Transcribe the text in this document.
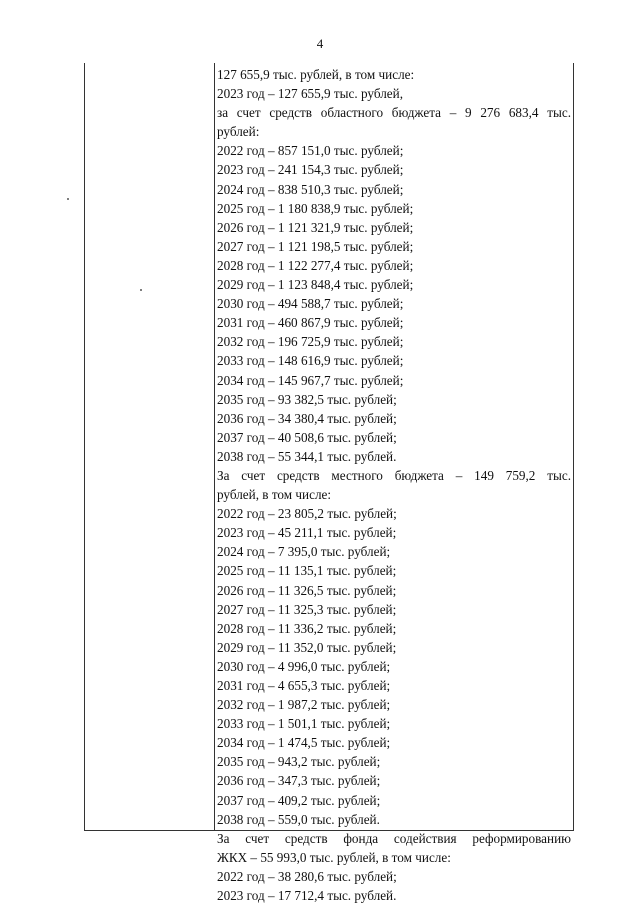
4
127 655,9 тыс. рублей, в том числе:
2023 год – 127 655,9 тыс. рублей,
за счет средств областного бюджета – 9 276 683,4 тыс.
рублей:
2022 год – 857 151,0 тыс. рублей;
2023 год – 241 154,3 тыс. рублей;
2024 год – 838 510,3 тыс. рублей;
2025 год – 1 180 838,9 тыс. рублей;
2026 год – 1 121 321,9 тыс. рублей;
2027 год – 1 121 198,5 тыс. рублей;
2028 год – 1 122 277,4 тыс. рублей;
2029 год – 1 123 848,4 тыс. рублей;
2030 год – 494 588,7 тыс. рублей;
2031 год – 460 867,9 тыс. рублей;
2032 год – 196 725,9 тыс. рублей;
2033 год – 148 616,9 тыс. рублей;
2034 год – 145 967,7 тыс. рублей;
2035 год – 93 382,5 тыс. рублей;
2036 год – 34 380,4 тыс. рублей;
2037 год – 40 508,6 тыс. рублей;
2038 год – 55 344,1 тыс. рублей.
За счет средств местного бюджета – 149 759,2 тыс.
рублей, в том числе:
2022 год – 23 805,2 тыс. рублей;
2023 год – 45 211,1 тыс. рублей;
2024 год – 7 395,0 тыс. рублей;
2025 год – 11 135,1 тыс. рублей;
2026 год – 11 326,5 тыс. рублей;
2027 год – 11 325,3 тыс. рублей;
2028 год – 11 336,2 тыс. рублей;
2029 год – 11 352,0 тыс. рублей;
2030 год – 4 996,0 тыс. рублей;
2031 год – 4 655,3 тыс. рублей;
2032 год – 1 987,2 тыс. рублей;
2033 год – 1 501,1 тыс. рублей;
2034 год – 1 474,5 тыс. рублей;
2035 год – 943,2 тыс. рублей;
2036 год – 347,3 тыс. рублей;
2037 год – 409,2 тыс. рублей;
2038 год – 559,0 тыс. рублей.
За счет средств фонда содействия реформированию
ЖКХ – 55 993,0 тыс. рублей, в том числе:
2022 год – 38 280,6 тыс. рублей;
2023 год – 17 712,4 тыс. рублей.
